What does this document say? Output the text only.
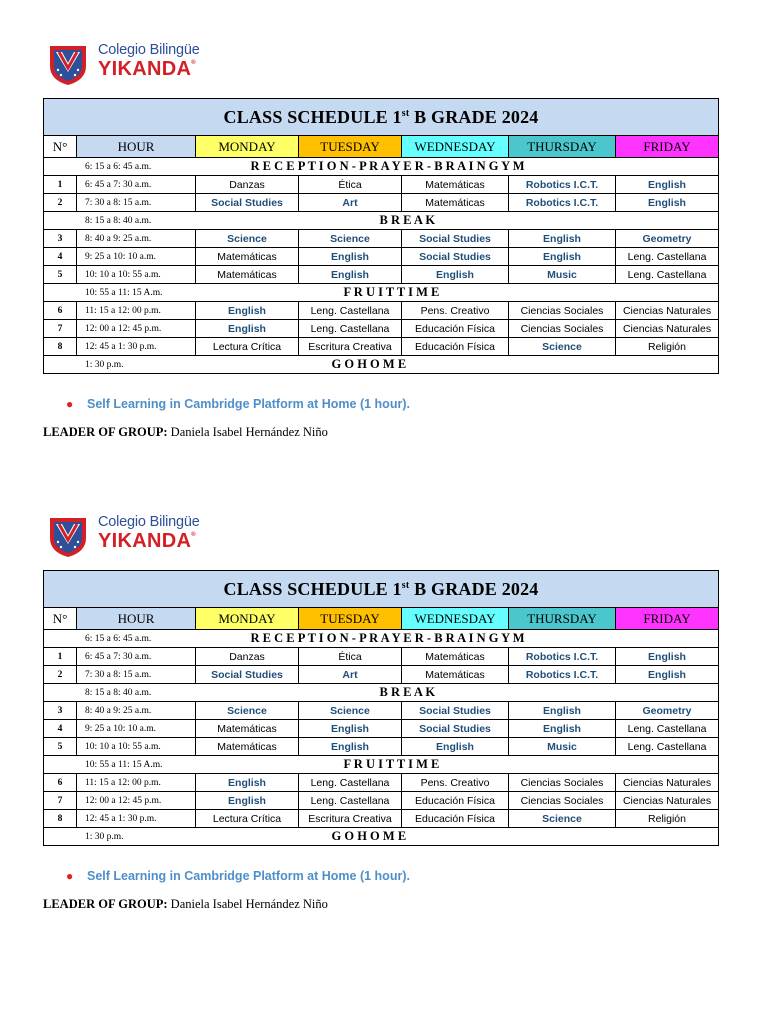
Colegio Bilingüe
YIKANDA®
CLASS SCHEDULE 1st B GRADE 2024						
N°	HOUR	MONDAY	TUESDAY	WEDNESDAY	THURSDAY	FRIDAY
6: 15 a 6: 45 a.m.		R E C E P T I O N - P R A Y E R - B R A I N G Y M				
1	6: 45 a 7: 30 a.m.	Danzas	Ética	Matemáticas	Robotics I.C.T.	English
2	7: 30 a 8: 15 a.m.	Social Studies	Art	Matemáticas	Robotics I.C.T.	English
8: 15 a 8: 40 a.m.		B R E A K				
3	8: 40 a 9: 25 a.m.	Science	Science	Social Studies	English	Geometry
4	9: 25 a 10: 10 a.m.	Matemáticas	English	Social Studies	English	Leng. Castellana
5	10: 10 a 10: 55 a.m.	Matemáticas	English	English	Music	Leng. Castellana
10: 55 a 11: 15 A.m.		F R U I T T I M E				
6	11: 15 a 12: 00 p.m.	English	Leng. Castellana	Pens. Creativo	Ciencias Sociales	Ciencias Naturales
7	12: 00 a 12: 45 p.m.	English	Leng. Castellana	Educación Física	Ciencias Sociales	Ciencias Naturales
8	12: 45 a 1: 30 p.m.	Lectura Crítica	Escritura Creativa	Educación Física	Science	Religión
1: 30 p.m.		G O H O M E				
● Self Learning in Cambridge Platform at Home (1 hour).
LEADER OF GROUP: Daniela Isabel Hernández Niño
Colegio Bilingüe
YIKANDA®
CLASS SCHEDULE 1st B GRADE 2024						
N°	HOUR	MONDAY	TUESDAY	WEDNESDAY	THURSDAY	FRIDAY
6: 15 a 6: 45 a.m.		R E C E P T I O N - P R A Y E R - B R A I N G Y M				
1	6: 45 a 7: 30 a.m.	Danzas	Ética	Matemáticas	Robotics I.C.T.	English
2	7: 30 a 8: 15 a.m.	Social Studies	Art	Matemáticas	Robotics I.C.T.	English
8: 15 a 8: 40 a.m.		B R E A K				
3	8: 40 a 9: 25 a.m.	Science	Science	Social Studies	English	Geometry
4	9: 25 a 10: 10 a.m.	Matemáticas	English	Social Studies	English	Leng. Castellana
5	10: 10 a 10: 55 a.m.	Matemáticas	English	English	Music	Leng. Castellana
10: 55 a 11: 15 A.m.		F R U I T T I M E				
6	11: 15 a 12: 00 p.m.	English	Leng. Castellana	Pens. Creativo	Ciencias Sociales	Ciencias Naturales
7	12: 00 a 12: 45 p.m.	English	Leng. Castellana	Educación Física	Ciencias Sociales	Ciencias Naturales
8	12: 45 a 1: 30 p.m.	Lectura Crítica	Escritura Creativa	Educación Física	Science	Religión
1: 30 p.m.		G O H O M E				
● Self Learning in Cambridge Platform at Home (1 hour).
LEADER OF GROUP: Daniela Isabel Hernández Niño
